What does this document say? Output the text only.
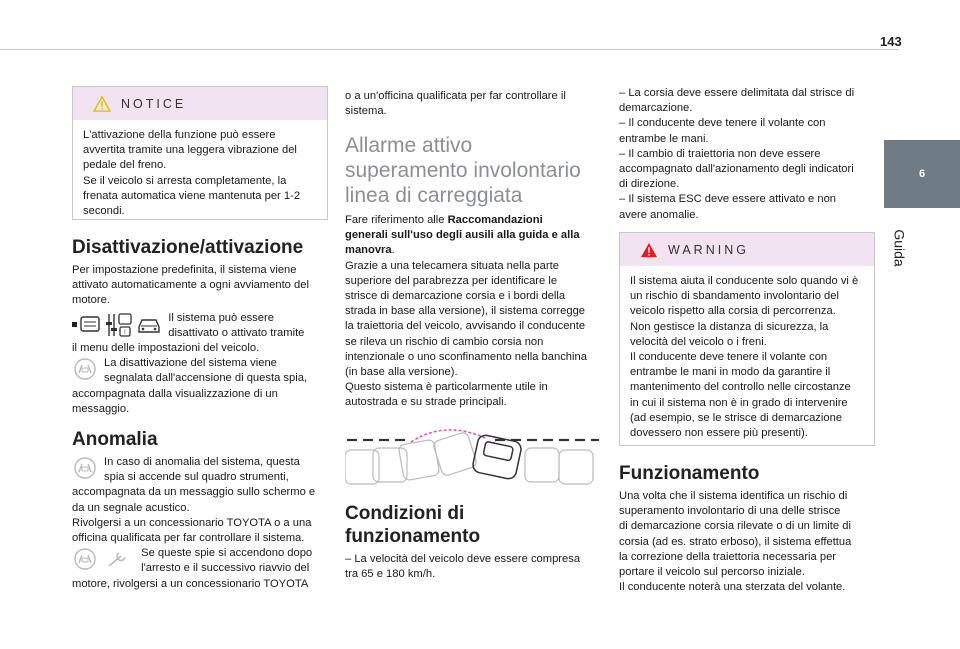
143
6
Guida
NOTICE

L'attivazione della funzione può essere

avvertita tramite una leggera vibrazione del

pedale del freno.

Se il veicolo si arresta completamente, la

frenata automatica viene mantenuta per 1-2

secondi.

Disattivazione/attivazione

Per impostazione predefinita, il sistema viene

attivato automaticamente a ogni avviamento del

motore.

!

Il sistema può essere

disattivato o attivato tramite

il menu delle impostazioni del veicolo.

La disattivazione del sistema viene

segnalata dall'accensione di questa spia,

accompagnata dalla visualizzazione di un

messaggio.

Anomalia

In caso di anomalia del sistema, questa

spia si accende sul quadro strumenti,

accompagnata da un messaggio sullo schermo e

da un segnale acustico.

Rivolgersi a un concessionario TOYOTA o a una

officina qualificata per far controllare il sistema.

Se queste spie si accendono dopo

l'arresto e il successivo riavvio del

motore, rivolgersi a un concessionario TOYOTA

o a un'officina qualificata per far controllare il

sistema.

Allarme attivo
superamento involontario
linea di carreggiata

Fare riferimento alle Raccomandazioni

generali sull'uso degli ausili alla guida e alla

manovra.

Grazie a una telecamera situata nella parte

superiore del parabrezza per identificare le

strisce di demarcazione corsia e i bordi della

strada in base alla versione), il sistema corregge

la traiettoria del veicolo, avvisando il conducente

se rileva un rischio di cambio corsia non

intenzionale o uno sconfinamento nella banchina

(in base alla versione).

Questo sistema è particolarmente utile in

autostrada e su strade principali.

Condizioni di
funzionamento

– La velocità del veicolo deve essere compresa

tra 65 e 180 km/h.

– La corsia deve essere delimitata dal strisce di

demarcazione.

– Il conducente deve tenere il volante con

entrambe le mani.

– Il cambio di traiettoria non deve essere

accompagnato dall'azionamento degli indicatori

di direzione.

– Il sistema ESC deve essere attivato e non

avere anomalie.

WARNING

Il sistema aiuta il conducente solo quando vi è

un rischio di sbandamento involontario del

veicolo rispetto alla corsia di percorrenza.

Non gestisce la distanza di sicurezza, la

velocità del veicolo o i freni.

Il conducente deve tenere il volante con

entrambe le mani in modo da garantire il

mantenimento del controllo nelle circostanze

in cui il sistema non è in grado di intervenire

(ad esempio, se le strisce di demarcazione

dovessero non essere più presenti).

Funzionamento

Una volta che il sistema identifica un rischio di

superamento involontario di una delle strisce

di demarcazione corsia rilevate o di un limite di

corsia (ad es. strato erboso), il sistema effettua

la correzione della traiettoria necessaria per

portare il veicolo sul percorso iniziale.

Il conducente noterà una sterzata del volante.
